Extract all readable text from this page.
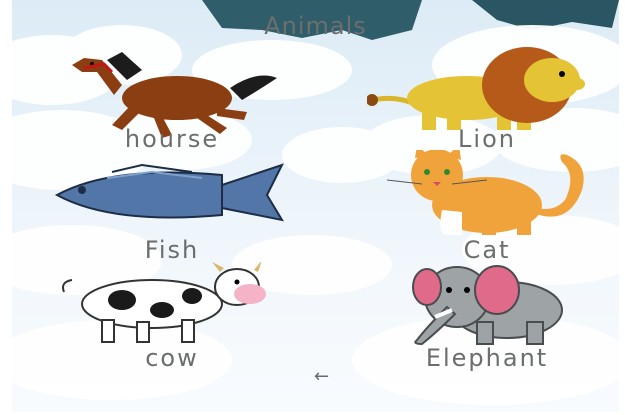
Animals
hourse	Lion
Fish	Cat
cow	Elephant
←
